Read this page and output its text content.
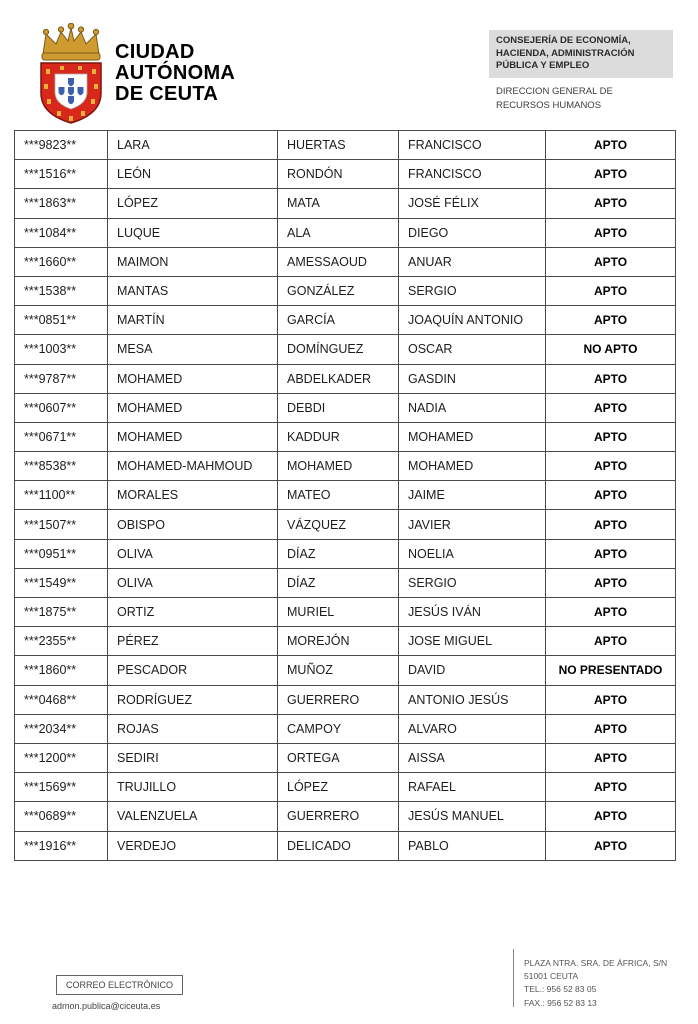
CIUDAD
AUTÓNOMA
DE CEUTA
CONSEJERÍA DE ECONOMÍA,
HACIENDA, ADMINISTRACIÓN
PÚBLICA Y EMPLEO
DIRECCION GENERAL DE
RECURSOS HUMANOS
***9823**	LARA	HUERTAS	FRANCISCO	APTO
***1516**	LEÓN	RONDÓN	FRANCISCO	APTO
***1863**	LÓPEZ	MATA	JOSÉ FÉLIX	APTO
***1084**	LUQUE	ALA	DIEGO	APTO
***1660**	MAIMON	AMESSAOUD	ANUAR	APTO
***1538**	MANTAS	GONZÁLEZ	SERGIO	APTO
***0851**	MARTÍN	GARCÍA	JOAQUÍN ANTONIO	APTO
***1003**	MESA	DOMÍNGUEZ	OSCAR	NO APTO
***9787**	MOHAMED	ABDELKADER	GASDIN	APTO
***0607**	MOHAMED	DEBDI	NADIA	APTO
***0671**	MOHAMED	KADDUR	MOHAMED	APTO
***8538**	MOHAMED-MAHMOUD	MOHAMED	MOHAMED	APTO
***1100**	MORALES	MATEO	JAIME	APTO
***1507**	OBISPO	VÁZQUEZ	JAVIER	APTO
***0951**	OLIVA	DÍAZ	NOELIA	APTO
***1549**	OLIVA	DÍAZ	SERGIO	APTO
***1875**	ORTIZ	MURIEL	JESÚS IVÁN	APTO
***2355**	PÉREZ	MOREJÓN	JOSE MIGUEL	APTO
***1860**	PESCADOR	MUÑOZ	DAVID	NO PRESENTADO
***0468**	RODRÍGUEZ	GUERRERO	ANTONIO JESÚS	APTO
***2034**	ROJAS	CAMPOY	ALVARO	APTO
***1200**	SEDIRI	ORTEGA	AISSA	APTO
***1569**	TRUJILLO	LÓPEZ	RAFAEL	APTO
***0689**	VALENZUELA	GUERRERO	JESÚS MANUEL	APTO
***1916**	VERDEJO	DELICADO	PABLO	APTO
CORREO ELECTRÓNICO
admon.publica@ciceuta.es
PLAZA NTRA. SRA. DE ÁFRICA, S/N
51001 CEUTA
TEL.: 956 52 83 05
FAX.: 956 52 83 13
